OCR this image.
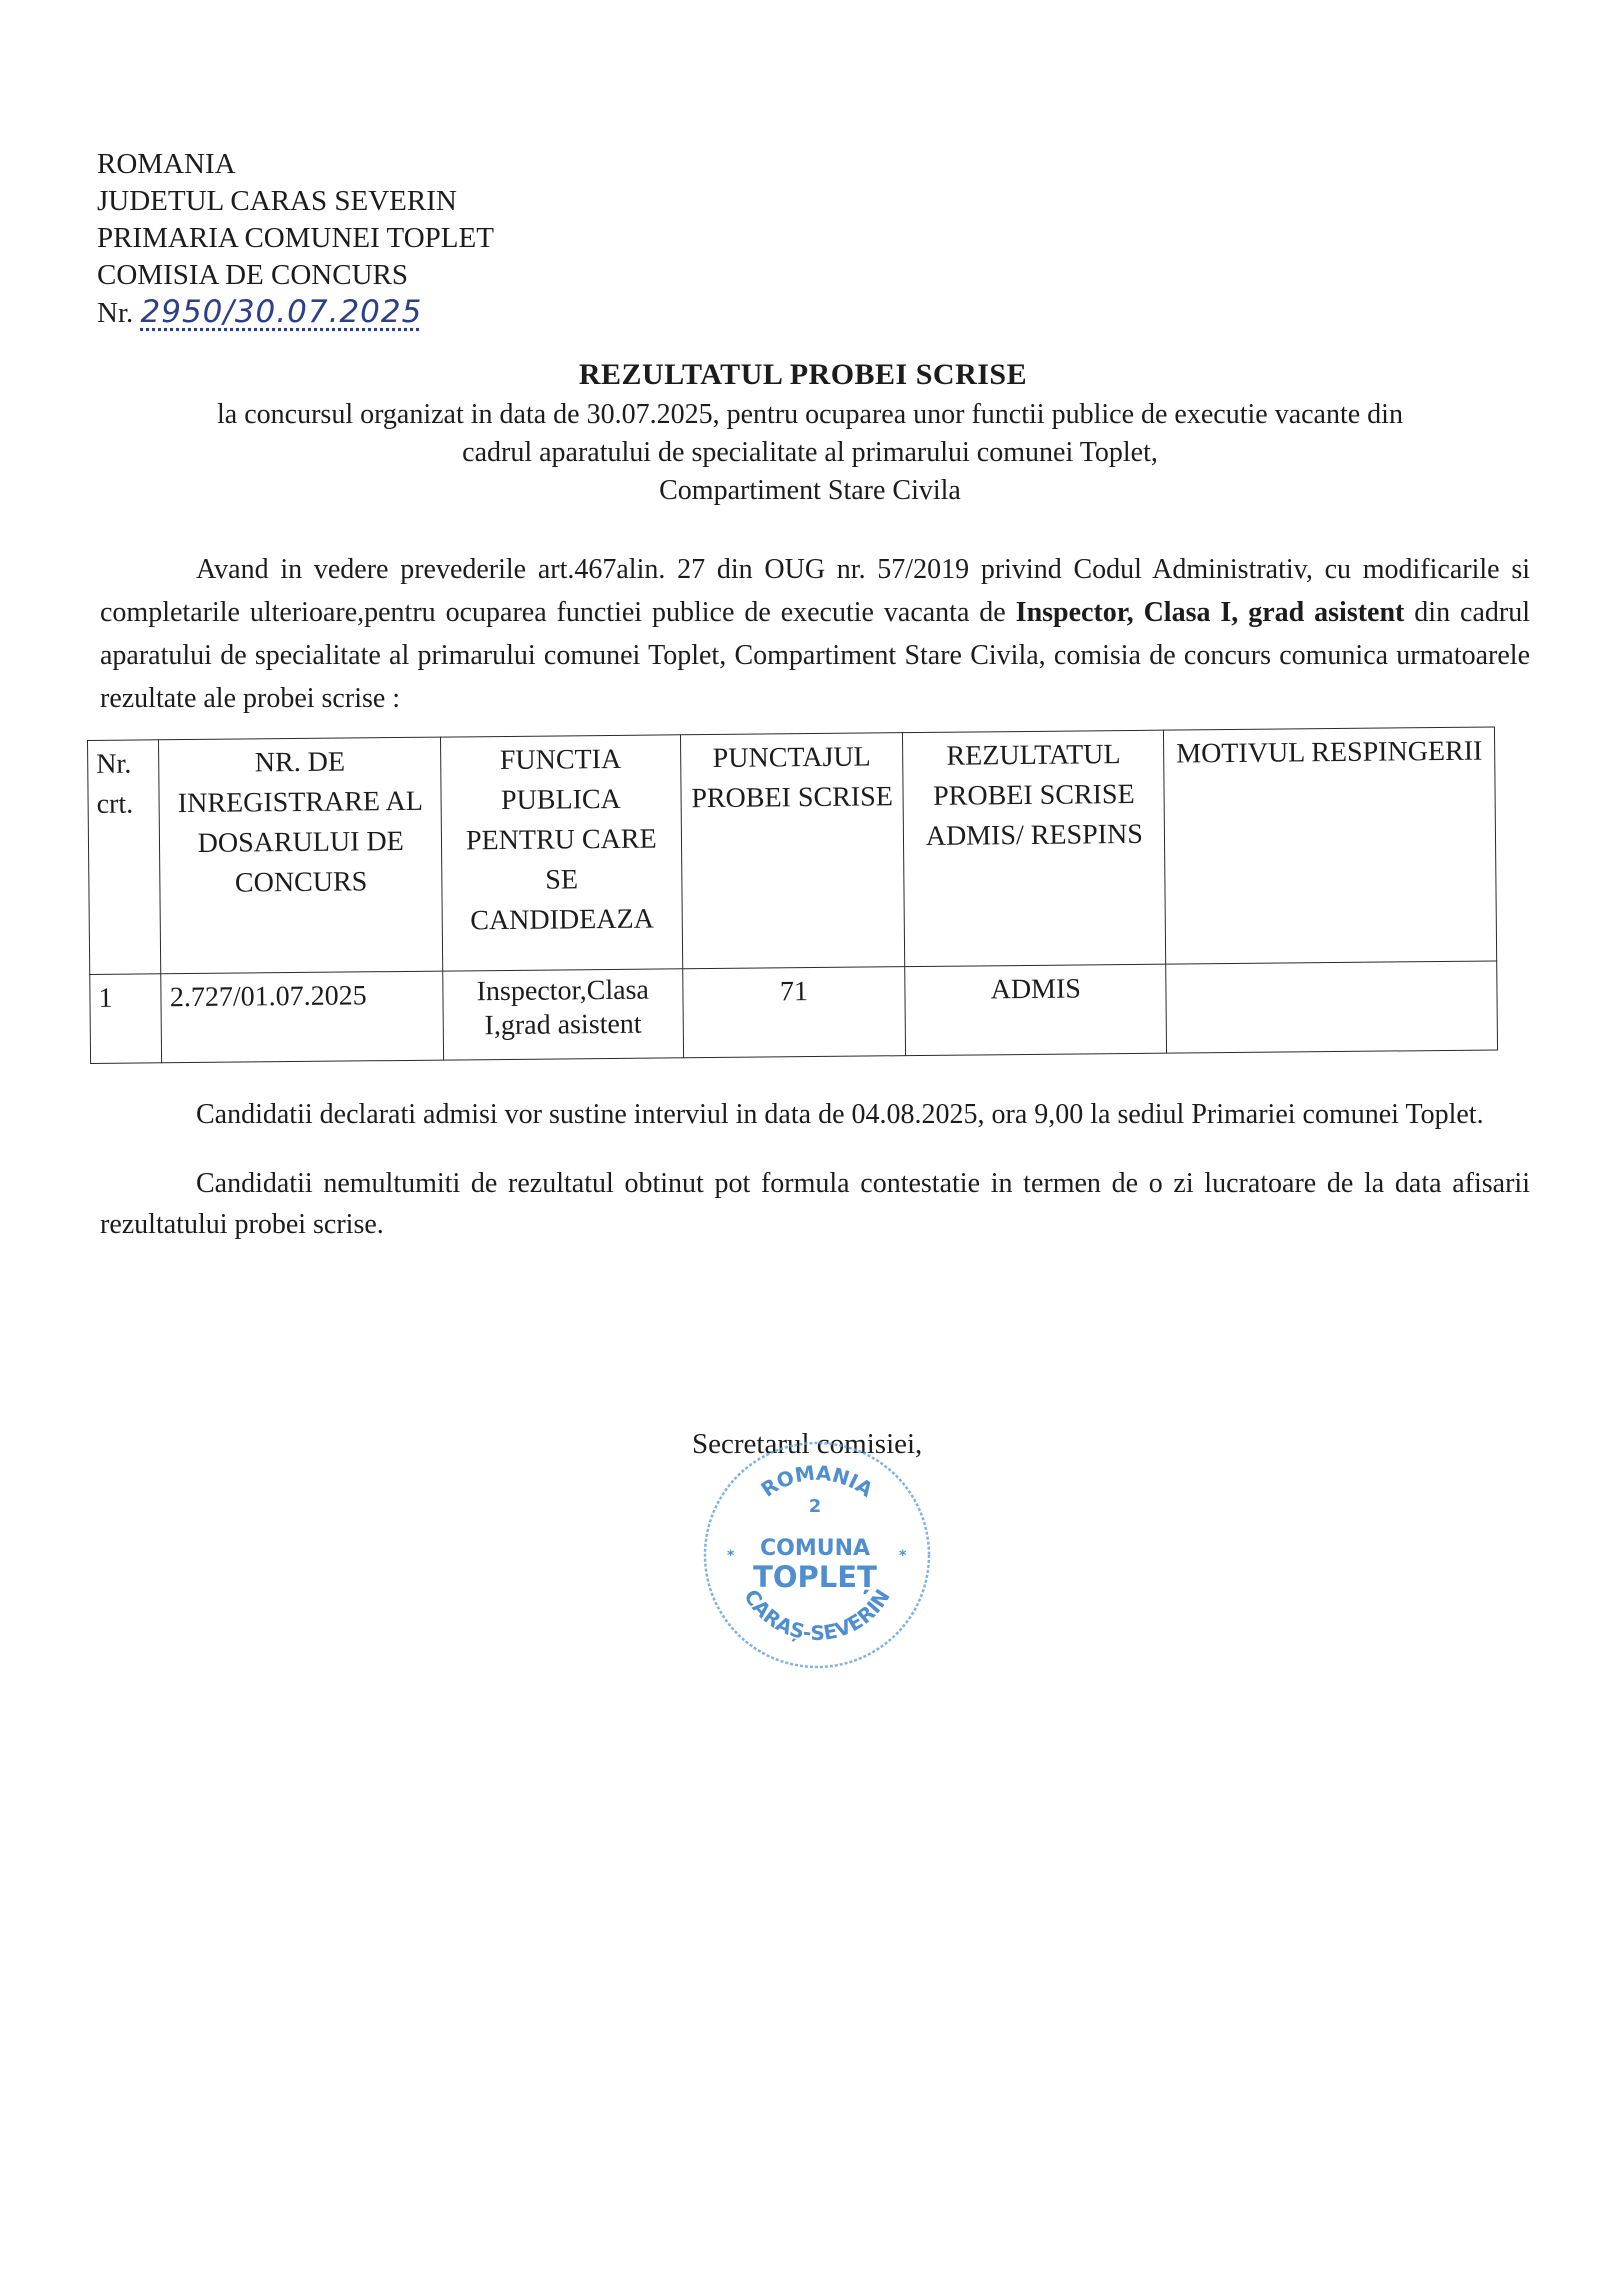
ROMANIA
JUDETUL CARAS SEVERIN
PRIMARIA COMUNEI TOPLET
COMISIA DE CONCURS
Nr. 2950/30.07.2025
REZULTATUL PROBEI SCRISE
la concursul organizat in data de 30.07.2025, pentru ocuparea unor functii publice de executie vacante din
cadrul aparatului de specialitate al primarului comunei Toplet,
Compartiment Stare Civila
Avand in vedere prevederile art.467alin. 27 din OUG nr. 57/2019 privind Codul Administrativ, cu modificarile si completarile ulterioare,pentru ocuparea functiei publice de executie vacanta de Inspector, Clasa I, grad asistent din cadrul aparatului de specialitate al primarului comunei Toplet, Compartiment Stare Civila, comisia de concurs comunica urmatoarele rezultate ale probei scrise :
Nr. crt.	NR. DE INREGISTRARE AL DOSARULUI DE CONCURS	FUNCTIA PUBLICA PENTRU CARE SE CANDIDEAZA	PUNCTAJUL PROBEI SCRISE	REZULTATUL PROBEI SCRISE ADMIS/ RESPINS	MOTIVUL RESPINGERII
1	2.727/01.07.2025	Inspector,Clasa I,grad asistent	71	ADMIS	
Candidatii declarati admisi vor sustine interviul in data de 04.08.2025, ora 9,00 la sediul Primariei comunei Toplet.
Candidatii nemultumiti de rezultatul obtinut pot formula contestatie in termen de o zi lucratoare de la data afisarii rezultatului probei scrise.
Secretarul comisiei,
ROMANIA
CARAȘ-SEVERIN
2
COMUNA
TOPLEȚ
*	*
